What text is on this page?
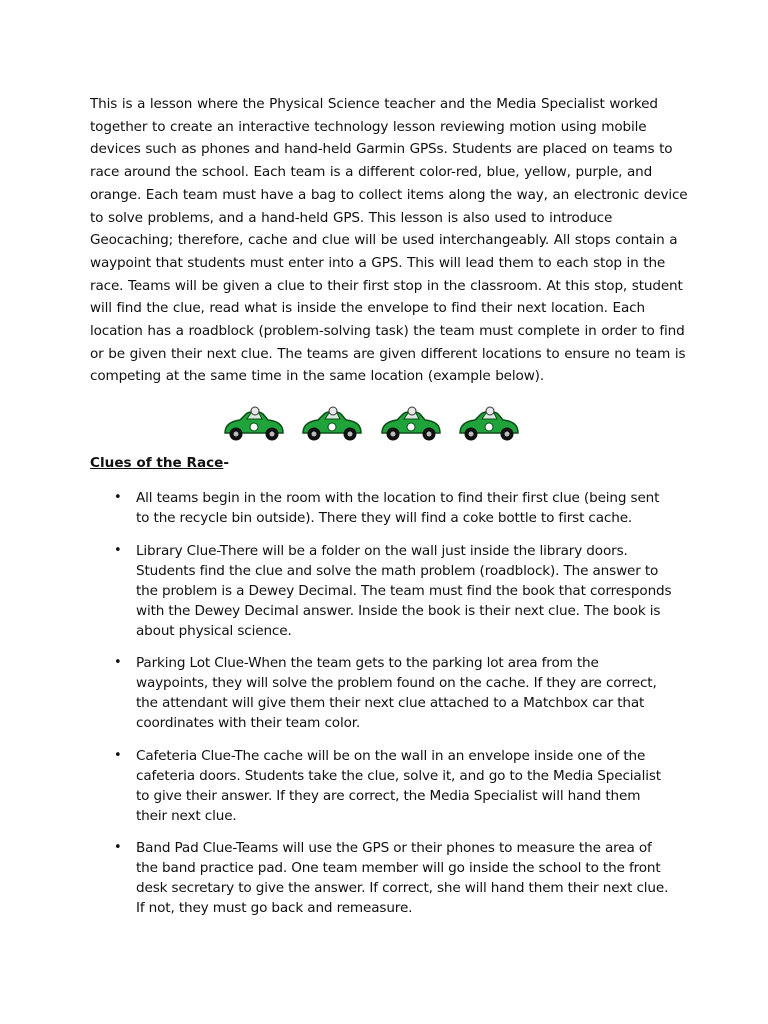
This is a lesson where the Physical Science teacher and the Media Specialist worked together to create an interactive technology lesson reviewing motion using mobile devices such as phones and hand-held Garmin GPSs. Students are placed on teams to race around the school. Each team is a different color-red, blue, yellow, purple, and orange. Each team must have a bag to collect items along the way, an electronic device to solve problems, and a hand-held GPS. This lesson is also used to introduce Geocaching; therefore, cache and clue will be used interchangeably. All stops contain a waypoint that students must enter into a GPS. This will lead them to each stop in the race. Teams will be given a clue to their first stop in the classroom. At this stop, student will find the clue, read what is inside the envelope to find their next location. Each location has a roadblock (problem-solving task) the team must complete in order to find or be given their next clue. The teams are given different locations to ensure no team is competing at the same time in the same location (example below).

Clues of the Race-

• All teams begin in the room with the location to find their first clue (being sent to the recycle bin outside). There they will find a coke bottle to first cache.
• Library Clue-There will be a folder on the wall just inside the library doors. Students find the clue and solve the math problem (roadblock). The answer to the problem is a Dewey Decimal. The team must find the book that corresponds with the Dewey Decimal answer. Inside the book is their next clue. The book is about physical science.
• Parking Lot Clue-When the team gets to the parking lot area from the waypoints, they will solve the problem found on the cache. If they are correct, the attendant will give them their next clue attached to a Matchbox car that coordinates with their team color.
• Cafeteria Clue-The cache will be on the wall in an envelope inside one of the cafeteria doors. Students take the clue, solve it, and go to the Media Specialist to give their answer. If they are correct, the Media Specialist will hand them their next clue.
• Band Pad Clue-Teams will use the GPS or their phones to measure the area of the band practice pad. One team member will go inside the school to the front desk secretary to give the answer. If correct, she will hand them their next clue. If not, they must go back and remeasure.
